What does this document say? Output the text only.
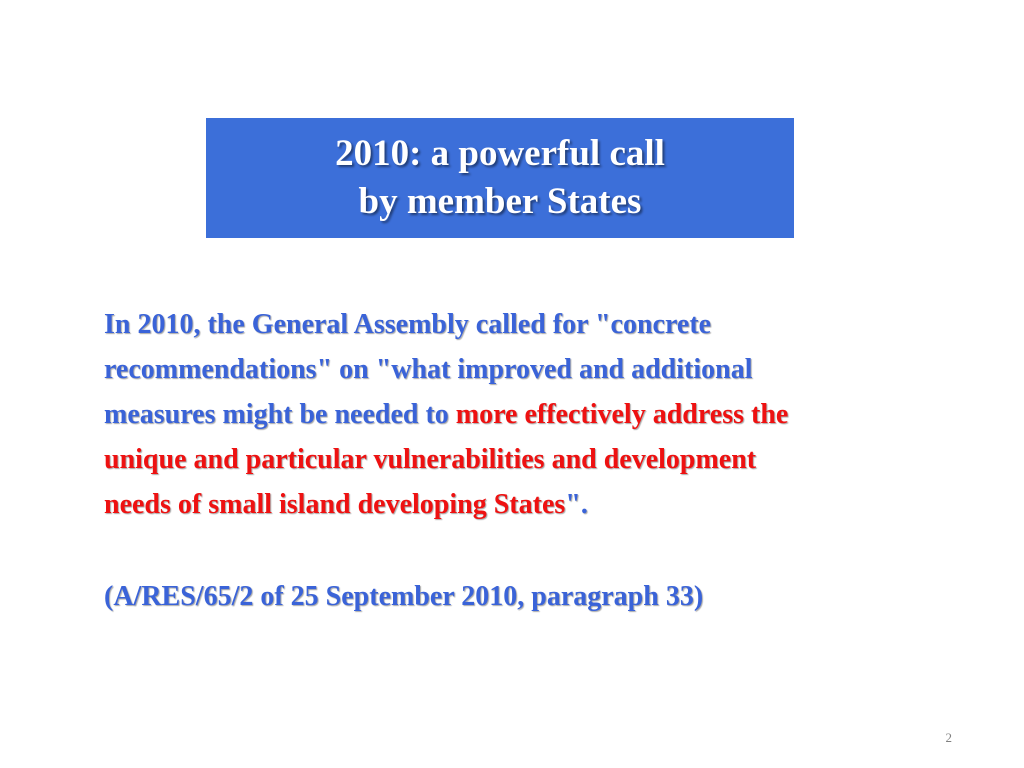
2010: a powerful call
by member States
In 2010, the General Assembly called for "concrete
recommendations" on "what improved and additional
measures might be needed to more effectively address the
unique and particular vulnerabilities and development
needs of small island developing States".
(A/RES/65/2 of 25 September 2010, paragraph 33)
2
